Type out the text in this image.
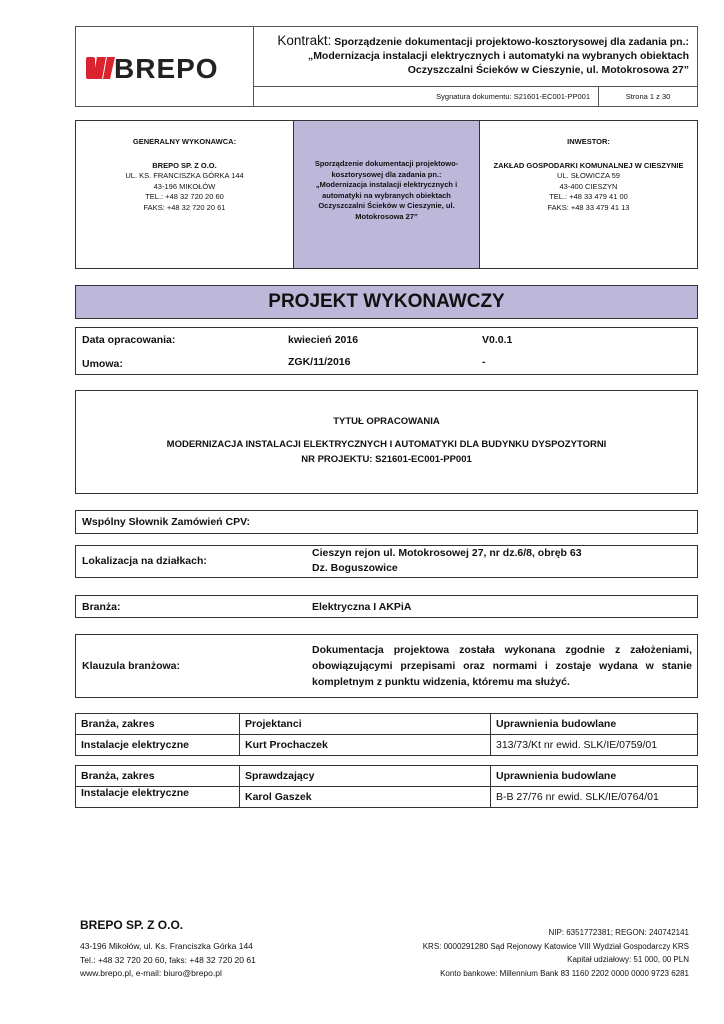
BREPO
Kontrakt: Sporządzenie dokumentacji projektowo-kosztorysowej dla zadania pn.:
„Modernizacja instalacji elektrycznych i automatyki na wybranych obiektach
Oczyszczalni Ścieków w Cieszynie, ul. Motokrosowa 27”
Sygnatura dokumentu: S21601-EC001-PP001	Strona 1 z 30
GENERALNY WYKONAWCA:
BREPO SP. Z O.O.
UL. KS. FRANCISZKA GÓRKA 144
43-196 MIKOŁÓW
TEL.: +48 32 720 20 60
FAKS: +48 32 720 20 61
Sporządzenie dokumentacji projektowo-
kosztorysowej dla zadania pn.:
„Modernizacja instalacji elektrycznych i
automatyki na wybranych obiektach
Oczyszczalni Ścieków w Cieszynie, ul.
Motokrosowa 27”
INWESTOR:
ZAKŁAD GOSPODARKI KOMUNALNEJ W CIESZYNIE
UL. SŁOWICZA 59
43-400 CIESZYN
TEL.: +48 33 479 41 00
FAKS: +48 33 479 41 13
PROJEKT WYKONAWCZY
Data opracowania:	kwiecień 2016	V0.0.1
Umowa:	ZGK/11/2016	-
TYTUŁ OPRACOWANIA
MODERNIZACJA INSTALACJI ELEKTRYCZNYCH I AUTOMATYKI DLA BUDYNKU DYSPOZYTORNI
NR PROJEKTU: S21601-EC001-PP001
Wspólny Słownik Zamówień CPV:
Lokalizacja na działkach:
Cieszyn rejon ul. Motokrosowej 27, nr dz.6/8, obręb 63
Dz. Boguszowice
Branża:	Elektryczna I AKPiA
Klauzula branżowa:
Dokumentacja projektowa została wykonana zgodnie z założeniami, obowiązującymi przepisami oraz normami i zostaje wydana w stanie kompletnym z punktu widzenia, któremu ma służyć.
Branża, zakres	Projektanci	Uprawnienia budowlane
Instalacje elektryczne	Kurt Prochaczek	313/73/Kt nr ewid. SLK/IE/0759/01
Branża, zakres	Sprawdzający	Uprawnienia budowlane
Instalacje elektryczne	Karol Gaszek	B-B 27/76 nr ewid. SLK/IE/0764/01
BREPO SP. Z O.O.
43-196 Mikołów, ul. Ks. Franciszka Górka 144
Tel.: +48 32 720 20 60, faks: +48 32 720 20 61
www.brepo.pl, e-mail: biuro@brepo.pl
NIP: 6351772381; REGON: 240742141
KRS: 0000291280 Sąd Rejonowy Katowice VIII Wydział Gospodarczy KRS
Kapitał udziałowy: 51 000, 00 PLN
Konto bankowe: Millennium Bank 83 1160 2202 0000 0000 9723 6281
